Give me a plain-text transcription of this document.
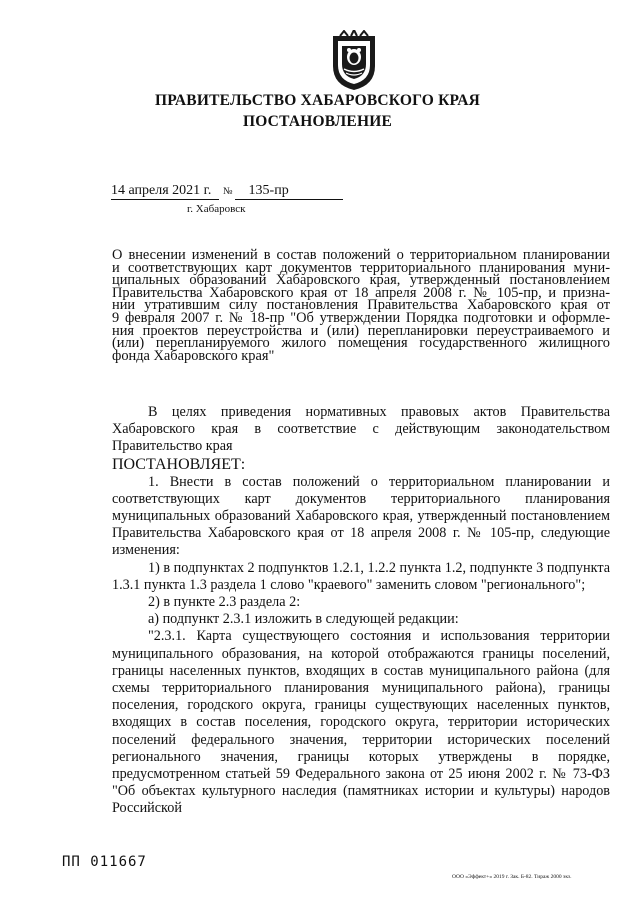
ПРАВИТЕЛЬСТВО ХАБАРОВСКОГО КРАЯ
ПОСТАНОВЛЕНИЕ
14 апреля 2021 г. № 135-пр
г. Хабаровск
О внесении изменений в состав положений о территориальном планировании
и соответствующих карт документов территориального планирования муни-
ципальных образований Хабаровского края, утвержденный постановлением
Правительства Хабаровского края от 18 апреля 2008 г. № 105-пр, и призна-
нии утратившим силу постановления Правительства Хабаровского края от
9 февраля 2007 г. № 18-пр "Об утверждении Порядка подготовки и оформле-
ния проектов переустройства и (или) перепланировки переустраиваемого и
(или) перепланируемого жилого помещения государственного жилищного
фонда Хабаровского края"

В целях приведения нормативных правовых актов Правительства Хабаровского края в соответствие с действующим законодательством Правительство края

ПОСТАНОВЛЯЕТ:

1. Внести в состав положений о территориальном планировании и соответствующих карт документов территориального планирования муниципальных образований Хабаровского края, утвержденный постановлением Правительства Хабаровского края от 18 апреля 2008 г. № 105-пр, следующие изменения:

1) в подпунктах 2 подпунктов 1.2.1, 1.2.2 пункта 1.2, подпункте 3 подпункта 1.3.1 пункта 1.3 раздела 1 слово "краевого" заменить словом "регионального";

2) в пункте 2.3 раздела 2:

а) подпункт 2.3.1 изложить в следующей редакции:

"2.3.1. Карта существующего состояния и использования территории муниципального образования, на которой отображаются границы поселений, границы населенных пунктов, входящих в состав муниципального района (для схемы территориального планирования муниципального района), границы поселения, городского округа, границы существующих населенных пунктов, входящих в состав поселения, городского округа, территории исторических поселений федерального значения, территории исторических поселений регионального значения, границы которых утверждены в порядке, предусмотренном статьей 59 Федерального закона от 25 июня 2002 г. № 73-ФЗ "Об объектах культурного наследия (памятниках истории и культуры) народов Российской

ПП 011667
ООО «Эффект+» 2019 г. Зак. Б-82. Тираж 2000 экз.
